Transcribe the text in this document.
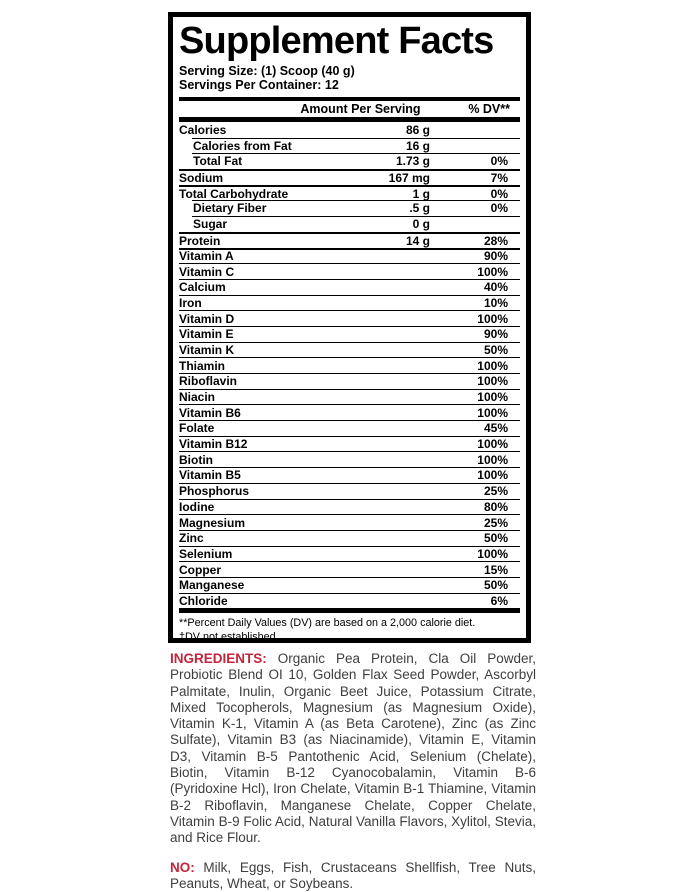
Supplement Facts
Serving Size: (1) Scoop (40 g)
Servings Per Container: 12
Amount Per Serving	% DV**
Calories	86 g
Calories from Fat	16 g
Total Fat	1.73 g	0%
Sodium	167 mg	7%
Total Carbohydrate	1 g	0%
Dietary Fiber	.5 g	0%
Sugar	0 g
Protein	14 g	28%
Vitamin A	90%
Vitamin C	100%
Calcium	40%
Iron	10%
Vitamin D	100%
Vitamin E	90%
Vitamin K	50%
Thiamin	100%
Riboflavin	100%
Niacin	100%
Vitamin B6	100%
Folate	45%
Vitamin B12	100%
Biotin	100%
Vitamin B5	100%
Phosphorus	25%
Iodine	80%
Magnesium	25%
Zinc	50%
Selenium	100%
Copper	15%
Manganese	50%
Chloride	6%
**Percent Daily Values (DV) are based on a 2,000 calorie diet.
†DV not established.

INGREDIENTS: Organic Pea Protein, Cla Oil Powder, Probiotic Blend OI 10, Golden Flax Seed Powder, Ascorbyl Palmitate, Inulin, Organic Beet Juice, Potassium Citrate, Mixed Tocopherols, Magnesium (as Magnesium Oxide), Vitamin K-1, Vitamin A (as Beta Carotene), Zinc (as Zinc Sulfate), Vitamin B3 (as Niacinamide), Vitamin E, Vitamin D3, Vitamin B-5 Pantothenic Acid, Selenium (Chelate), Biotin, Vitamin B-12 Cyanocobalamin, Vitamin B-6 (Pyridoxine Hcl), Iron Chelate, Vitamin B-1 Thiamine, Vitamin B-2 Riboflavin, Manganese Chelate, Copper Chelate, Vitamin B-9 Folic Acid, Natural Vanilla Flavors, Xylitol, Stevia, and Rice Flour.

NO: Milk, Eggs, Fish, Crustaceans Shellfish, Tree Nuts, Peanuts, Wheat, or Soybeans.
